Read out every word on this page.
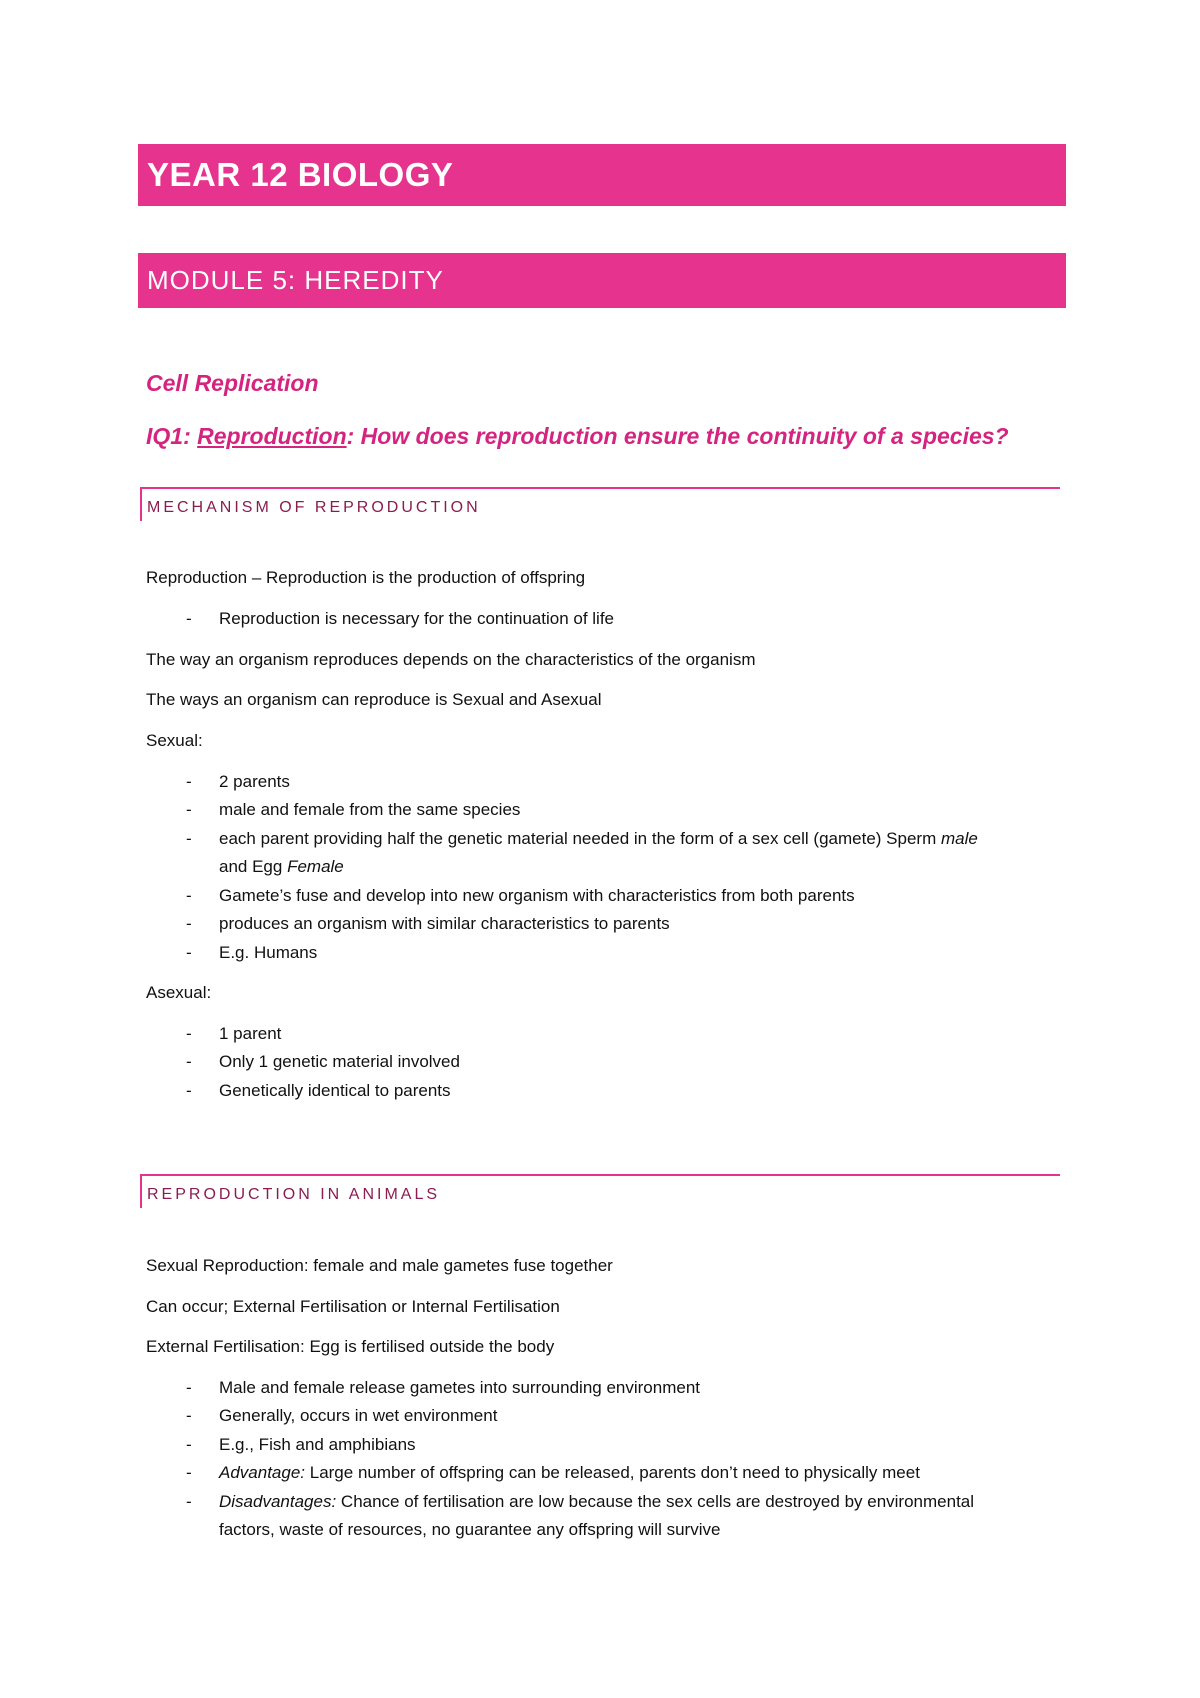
YEAR 12 BIOLOGY
MODULE 5: HEREDITY
Cell Replication
IQ1: Reproduction: How does reproduction ensure the continuity of a species?
MECHANISM OF REPRODUCTION
Reproduction – Reproduction is the production of offspring
- Reproduction is necessary for the continuation of life
The way an organism reproduces depends on the characteristics of the organism
The ways an organism can reproduce is Sexual and Asexual
Sexual:
- 2 parents
- male and female from the same species
- each parent providing half the genetic material needed in the form of a sex cell (gamete) Sperm male
and Egg Female
- Gamete’s fuse and develop into new organism with characteristics from both parents
- produces an organism with similar characteristics to parents
- E.g. Humans
Asexual:
- 1 parent
- Only 1 genetic material involved
- Genetically identical to parents
REPRODUCTION IN ANIMALS
Sexual Reproduction: female and male gametes fuse together
Can occur; External Fertilisation or Internal Fertilisation
External Fertilisation: Egg is fertilised outside the body
- Male and female release gametes into surrounding environment
- Generally, occurs in wet environment
- E.g., Fish and amphibians
- Advantage: Large number of offspring can be released, parents don’t need to physically meet
- Disadvantages: Chance of fertilisation are low because the sex cells are destroyed by environmental
factors, waste of resources, no guarantee any offspring will survive
